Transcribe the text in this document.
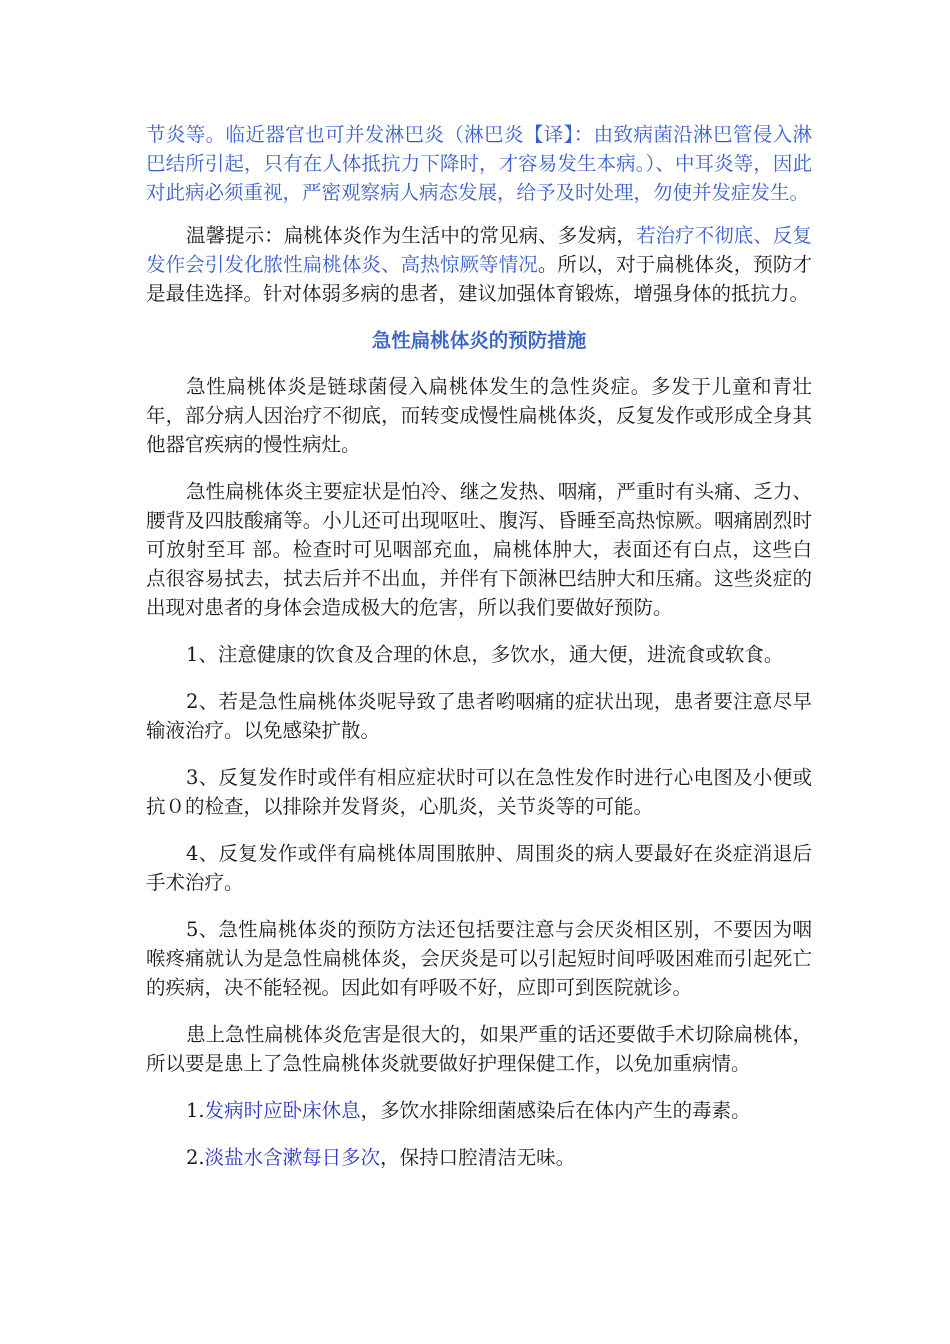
节炎等。临近器官也可并发淋巴炎（淋巴炎【译】：由致病菌沿淋巴管侵入淋巴结所引起，只有在人体抵抗力下降时，才容易发生本病。）、中耳炎等，因此对此病必须重视，严密观察病人病态发展，给予及时处理，勿使并发症发生。

温馨提示：扁桃体炎作为生活中的常见病、多发病，若治疗不彻底、反复发作会引发化脓性扁桃体炎、高热惊厥等情况。所以，对于扁桃体炎，预防才是最佳选择。针对体弱多病的患者，建议加强体育锻炼，增强身体的抵抗力。

急性扁桃体炎的预防措施

急性扁桃体炎是链球菌侵入扁桃体发生的急性炎症。多发于儿童和青壮年，部分病人因治疗不彻底，而转变成慢性扁桃体炎，反复发作或形成全身其他器官疾病的慢性病灶。

急性扁桃体炎主要症状是怕冷、继之发热、咽痛，严重时有头痛、乏力、腰背及四肢酸痛等。小儿还可出现呕吐、腹泻、昏睡至高热惊厥。咽痛剧烈时可放射至耳 部。检查时可见咽部充血，扁桃体肿大，表面还有白点，这些白点很容易拭去，拭去后并不出血，并伴有下颌淋巴结肿大和压痛。这些炎症的出现对患者的身体会造成极大的危害，所以我们要做好预防。

1、注意健康的饮食及合理的休息，多饮水，通大便，进流食或软食。

2、若是急性扁桃体炎呢导致了患者哟咽痛的症状出现，患者要注意尽早输液治疗。以免感染扩散。

3、反复发作时或伴有相应症状时可以在急性发作时进行心电图及小便或抗０的检查，以排除并发肾炎，心肌炎，关节炎等的可能。

4、反复发作或伴有扁桃体周围脓肿、周围炎的病人要最好在炎症消退后手术治疗。

5、急性扁桃体炎的预防方法还包括要注意与会厌炎相区别，不要因为咽喉疼痛就认为是急性扁桃体炎，会厌炎是可以引起短时间呼吸困难而引起死亡的疾病，决不能轻视。因此如有呼吸不好，应即可到医院就诊。

患上急性扁桃体炎危害是很大的，如果严重的话还要做手术切除扁桃体，所以要是患上了急性扁桃体炎就要做好护理保健工作，以免加重病情。

1.发病时应卧床休息，多饮水排除细菌感染后在体内产生的毒素。

2.淡盐水含漱每日多次，保持口腔清洁无味。
